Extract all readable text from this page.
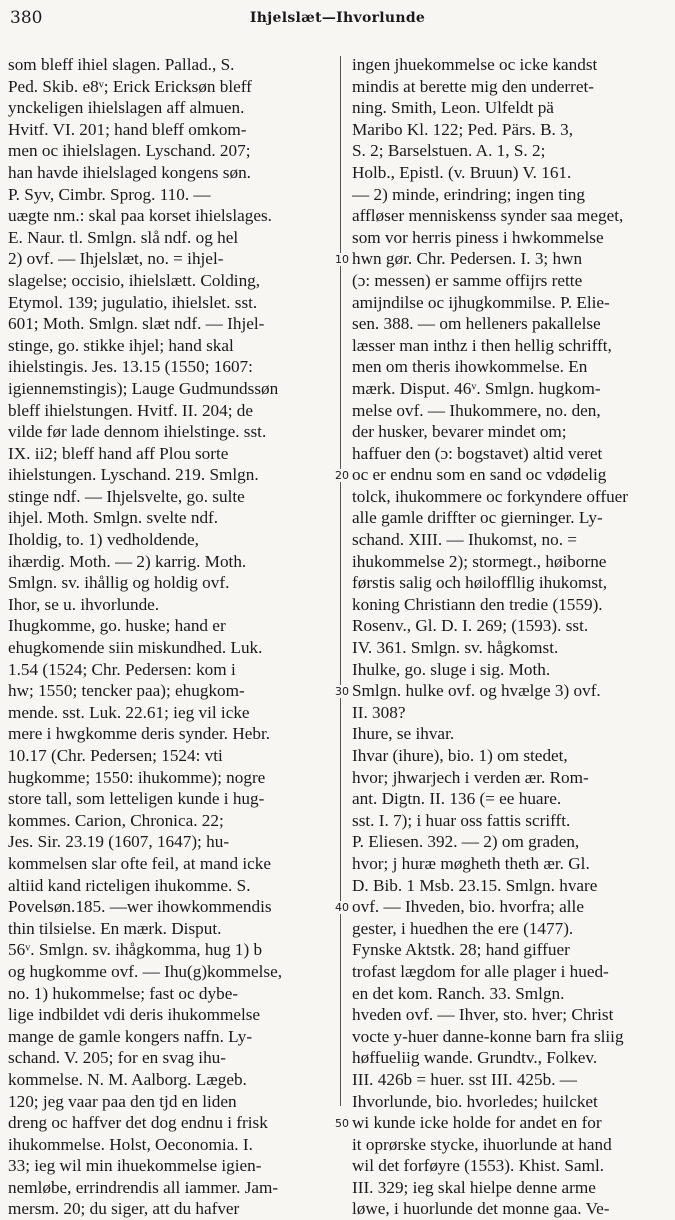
380	Ihjelslæt—Ihvorlunde
som bleff ihiel slagen. Pallad., S.
Ped. Skib. e8ᵛ; Erick Ericksøn bleff
ynckeligen ihielslagen aff almuen.
Hvitf. VI. 201; hand bleff omkom-
men oc ihielslagen. Lyschand. 207;
han havde ihielslaged kongens søn.
P. Syv, Cimbr. Sprog. 110. —
uægte nm.: skal paa korset ihielslages.
E. Naur. tl. Smlgn. slå ndf. og hel
2) ovf. — Ihjelslæt, no. = ihjel-
slagelse; occisio, ihielslætt. Colding,
Etymol. 139; jugulatio, ihielslet. sst.
601; Moth. Smlgn. slæt ndf. — Ihjel-
stinge, go. stikke ihjel; hand skal
ihielstingis. Jes. 13.15 (1550; 1607:
igiennemstingis); Lauge Gudmundssøn
bleff ihielstungen. Hvitf. II. 204; de
vilde før lade dennom ihielstinge. sst.
IX. ii2; bleff hand aff Plou sorte
ihielstungen. Lyschand. 219. Smlgn.
stinge ndf. — Ihjelsvelte, go. sulte
ihjel. Moth. Smlgn. svelte ndf.
Iholdig, to. 1) vedholdende,
ihærdig. Moth. — 2) karrig. Moth.
Smlgn. sv. ihållig og holdig ovf.
Ihor, se u. ihvorlunde.
Ihugkomme, go. huske; hand er
ehugkomende siin miskundhed. Luk.
1.54 (1524; Chr. Pedersen: kom i
hw; 1550; tencker paa); ehugkom-
mende. sst. Luk. 22.61; ieg vil icke
mere i hwgkomme deris synder. Hebr.
10.17 (Chr. Pedersen; 1524: vti
hugkomme; 1550: ihukomme); nogre
store tall, som letteligen kunde i hug-
kommes. Carion, Chronica. 22;
Jes. Sir. 23.19 (1607, 1647); hu-
kommelsen slar ofte feil, at mand icke
altiid kand ricteligen ihukomme. S.
Povelsøn.185. —wer ihowkommendis
thin tilsielse. En mærk. Disput.
56ᵛ. Smlgn. sv. ihågkomma, hug 1) b
og hugkomme ovf. — Ihu(g)kommelse,
no. 1) hukommelse; fast oc dybe-
lige indbildet vdi deris ihukommelse
mange de gamle kongers naffn. Ly-
schand. V. 205; for en svag ihu-
kommelse. N. M. Aalborg. Lægeb.
120; jeg vaar paa den tjd en liden
dreng oc haffver det dog endnu i frisk
ihukommelse. Holst, Oeconomia. I.
33; ieg wil min ihuekommelse igien-
nemløbe, errindrendis all iammer. Jam-
mersm. 20; du siger, att du hafver
ingen jhuekommelse oc icke kandst
mindis at berette mig den underret-
ning. Smith, Leon. Ulfeldt pä
Maribo Kl. 122; Ped. Pärs. B. 3,
S. 2; Barselstuen. A. 1, S. 2;
Holb., Epistl. (v. Bruun) V. 161.
— 2) minde, erindring; ingen ting
affløser menniskenss synder saa meget,
som vor herris piness i hwkommelse
hwn gør. Chr. Pedersen. I. 3; hwn
(ɔ: messen) er samme offijrs rette
amijndilse oc ijhugkommilse. P. Elie-
sen. 388. — om helleners pakallelse
læsser man inthz i then hellig schrifft,
men om theris ihowkommelse. En
mærk. Disput. 46ᵛ. Smlgn. hugkom-
melse ovf. — Ihukommere, no. den,
der husker, bevarer mindet om;
haffuer den (ɔ: bogstavet) altid veret
oc er endnu som en sand oc vdødelig
tolck, ihukommere oc forkyndere offuer
alle gamle driffter oc gierninger. Ly-
schand. XIII. — Ihukomst, no. =
ihukommelse 2); stormegt., høiborne
førstis salig och høiloffllig ihukomst,
koning Christiann den tredie (1559).
Rosenv., Gl. D. I. 269; (1593). sst.
IV. 361. Smlgn. sv. hågkomst.
Ihulke, go. sluge i sig. Moth.
Smlgn. hulke ovf. og hvælge 3) ovf.
II. 308?
Ihure, se ihvar.
Ihvar (ihure), bio. 1) om stedet,
hvor; jhwarjech i verden ær. Rom-
ant. Digtn. II. 136 (= ee huare.
sst. I. 7); i huar oss fattis scrifft.
P. Eliesen. 392. — 2) om graden,
hvor; j huræ møgheth theth ær. Gl.
D. Bib. 1 Msb. 23.15. Smlgn. hvare
ovf. — Ihveden, bio. hvorfra; alle
gester, i huedhen the ere (1477).
Fynske Aktstk. 28; hand giffuer
trofast lægdom for alle plager i hued-
en det kom. Ranch. 33. Smlgn.
hveden ovf. — Ihver, sto. hver; Christ
vocte y-huer danne-konne barn fra sliig
høffueliig wande. Grundtv., Folkev.
III. 426b = huer. sst III. 425b. —
Ihvorlunde, bio. hvorledes; huilcket
wi kunde icke holde for andet en for
it oprørske stycke, ihuorlunde at hand
wil det forføyre (1553). Khist. Saml.
III. 329; ieg skal hielpe denne arme
løwe, i huorlunde det monne gaa. Ve-
10
20
30
40
50
